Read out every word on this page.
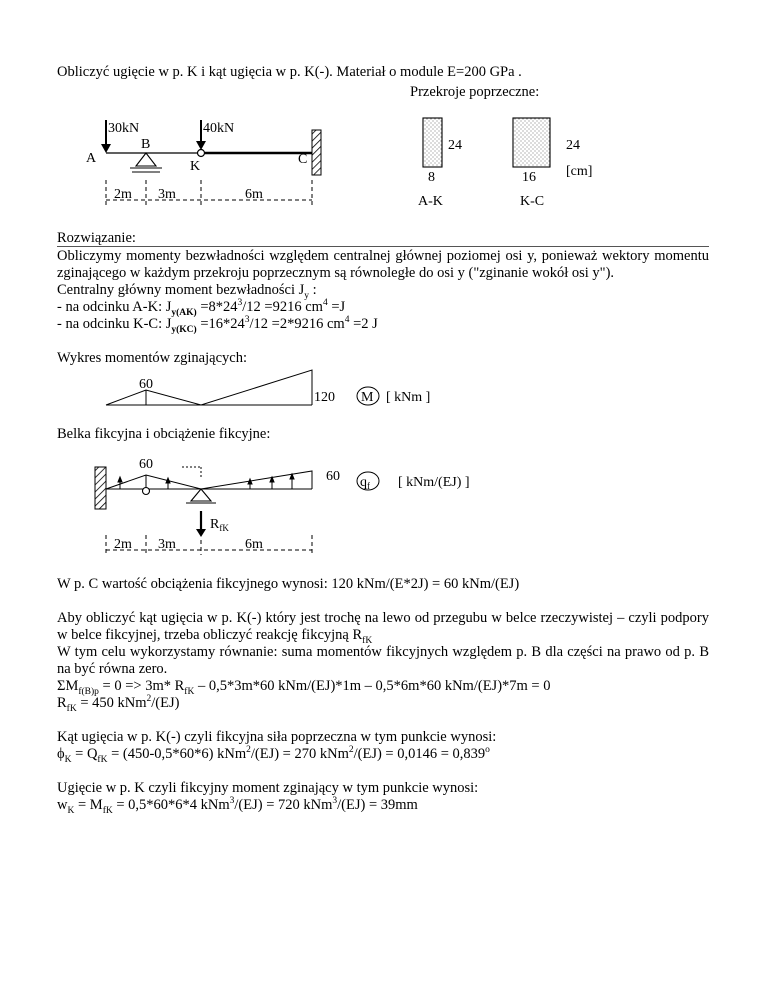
Obliczyć ugięcie w p. K i kąt ugięcia w p. K(-). Materiał o module E=200 GPa .
Przekroje poprzeczne:
30kN	40kN
A
B
K	C
2m 3m	6m
24
8
A-K
24
16
K-C
[cm]
Rozwiązanie:
Obliczymy momenty bezwładności względem centralnej głównej poziomej osi y, ponieważ wektory momentu zginającego w każdym przekroju poprzecznym są równoległe do osi y ("zginanie wokół osi y").
Centralny główny moment bezwładności $J_y$ :
- na odcinku A-K: $J_{y(AK)} =8*24^3/12 =9216$ $cm^4 =J$
- na odcinku K-C: $J_{y(KC)} =16*24^3/12 =2*9216$ $cm^4 =2$ J
Wykres momentów zginających:
60
120 M [ kNm ]
Belka fikcyjna i obciążenie fikcyjne:
60
60 $q_f$ [ kNm/(EJ) ]
$R_{fK}$
2m 3m	6m
W p. C wartość obciążenia fikcyjnego wynosi: 120 kNm/(E*2J) = 60 kNm/(EJ)
Aby obliczyć kąt ugięcia w p. K(-) który jest trochę na lewo od przegubu w belce rzeczywistej – czyli podpory w belce fikcyjnej, trzeba obliczyć reakcję fikcyjną $R_{fK}$
W tym celu wykorzystamy równanie: suma momentów fikcyjnych względem p. B dla części na prawo od p. B na być równa zero.
$\Sigma M_{f(B)p} = 0 => 3m*$ $R_{fK} - 0,5*3m*60$ kNm/(EJ)*1m – 0,5*6m*60 kNm/(EJ)*7m = 0
$R_{fK} = 450$ kNm$^2$/(EJ)
Kąt ugięcia w p. K(-) czyli fikcyjna siła poprzeczna w tym punkcie wynosi:
$\phi_K = Q_{fK} = (450-0,5*60*6) kNm^2/(EJ) = 270$ $kNm^2/(EJ) = 0,0146 = 0,839^o$
Ugięcie w p. K czyli fikcyjny moment zginający w tym punkcie wynosi:
$w_K = M_{fK} = 0,5*60*6*4$ kNm$^3$/(EJ) = 720 kNm$^3$/(EJ) = 39mm
